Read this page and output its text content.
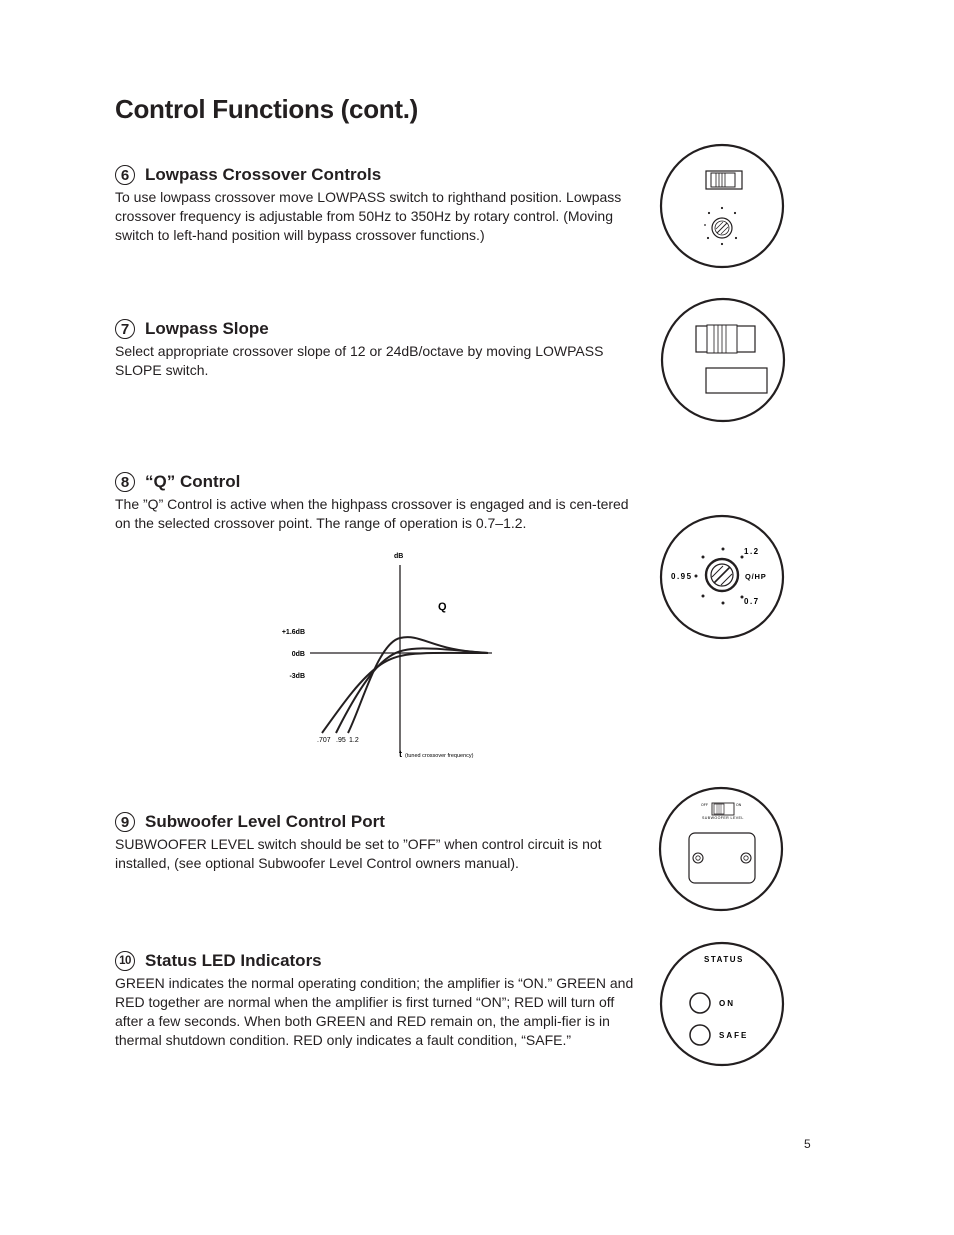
Control Functions (cont.)
6 Lowpass Crossover Controls
To use lowpass crossover move LOWPASS switch to righthand position. Lowpass crossover frequency is adjustable from 50Hz to 350Hz by rotary control. (Moving switch to left-hand position will bypass crossover functions.)
7 Lowpass Slope
Select appropriate crossover slope of 12 or 24dB/octave by moving LOWPASS SLOPE switch.
8 “Q” Control
The ”Q” Control is active when the highpass crossover is engaged and is cen-tered on the selected crossover point. The range of operation is 0.7–1.2.
9 Subwoofer Level Control Port
SUBWOOFER LEVEL switch should be set to ”OFF” when control circuit is not installed, (see optional Subwoofer Level Control owners manual).
10 Status LED Indicators
GREEN indicates the normal operating condition; the amplifier is “ON.” GREEN and RED together are normal when the amplifier is first turned “ON”; RED will turn off after a few seconds. When both GREEN and RED remain on, the ampli-fier is in thermal shutdown condition. RED only indicates a fault condition, “SAFE.”
1.2
0.95	Q/HP
0.7
dB
Q
+1.6dB
0dB
-3dB
.707 .95 1.2
t (tuned crossover frequency)
OFF	ON
SUBWOOFER LEVEL
STATUS
ON
SAFE
5
